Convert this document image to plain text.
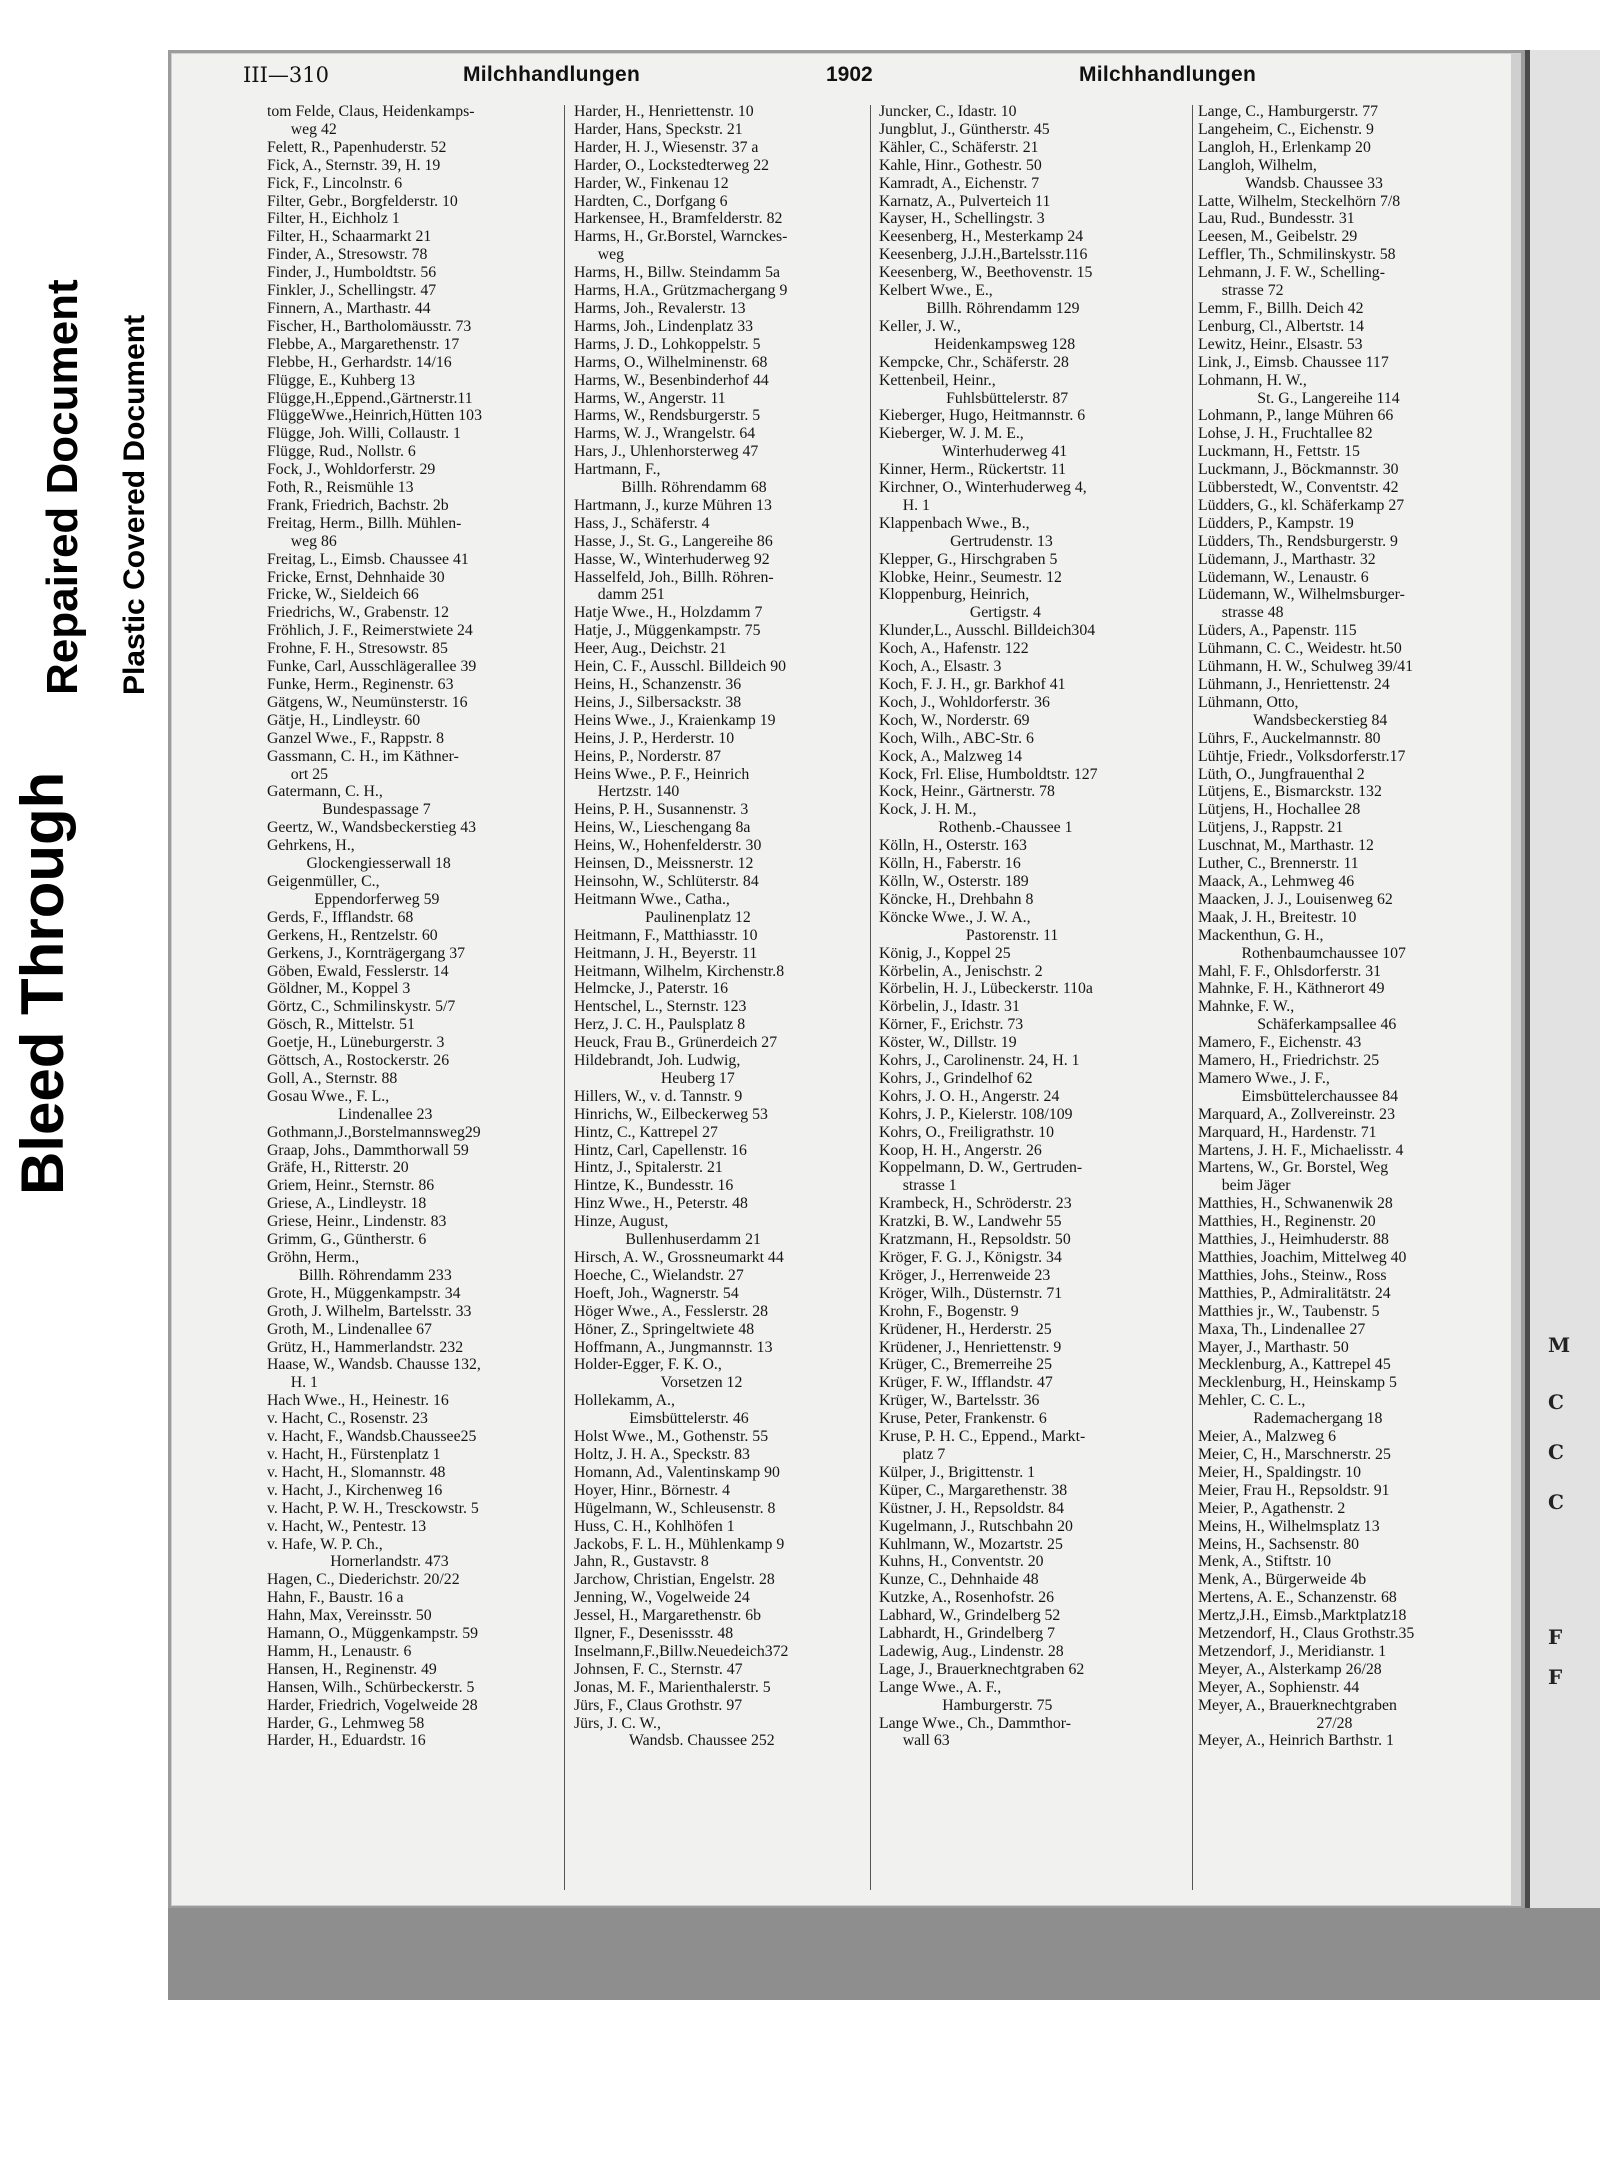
Bleed Through
Repaired Document Plastic Covered Document
III—310	Milchhandlungen	1902	Milchhandlungen
tom Felde, Claus, Heidenkamps-
weg 42
Felett, R., Papenhuderstr. 52
Fick, A., Sternstr. 39, H. 19
Fick, F., Lincolnstr. 6
Filter, Gebr., Borgfelderstr. 10
Filter, H., Eichholz 1
Filter, H., Schaarmarkt 21
Finder, A., Stresowstr. 78
Finder, J., Humboldtstr. 56
Finkler, J., Schellingstr. 47
Finnern, A., Marthastr. 44
Fischer, H., Bartholomäusstr. 73
Flebbe, A., Margarethenstr. 17
Flebbe, H., Gerhardstr. 14/16
Flügge, E., Kuhberg 13
Flügge,H.,Eppend.,Gärtnerstr.11
FlüggeWwe.,Heinrich,Hütten 103
Flügge, Joh. Willi, Collaustr. 1
Flügge, Rud., Nollstr. 6
Fock, J., Wohldorferstr. 29
Foth, R., Reismühle 13
Frank, Friedrich, Bachstr. 2b
Freitag, Herm., Billh. Mühlen-
weg 86
Freitag, L., Eimsb. Chaussee 41
Fricke, Ernst, Dehnhaide 30
Fricke, W., Sieldeich 66
Friedrichs, W., Grabenstr. 12
Fröhlich, J. F., Reimerstwiete 24
Frohne, F. H., Stresowstr. 85
Funke, Carl, Ausschlägerallee 39
Funke, Herm., Reginenstr. 63
Gätgens, W., Neumünsterstr. 16
Gätje, H., Lindleystr. 60
Ganzel Wwe., F., Rappstr. 8
Gassmann, C. H., im Käthner-
ort 25
Gatermann, C. H.,
Bundespassage 7
Geertz, W., Wandsbeckerstieg 43
Gehrkens, H.,
Glockengiesserwall 18
Geigenmüller, C.,
Eppendorferweg 59
Gerds, F., Ifflandstr. 68
Gerkens, H., Rentzelstr. 60
Gerkens, J., Kornträgergang 37
Göben, Ewald, Fesslerstr. 14
Göldner, M., Koppel 3
Görtz, C., Schmilinskystr. 5/7
Gösch, R., Mittelstr. 51
Goetje, H., Lüneburgerstr. 3
Göttsch, A., Rostockerstr. 26
Goll, A., Sternstr. 88
Gosau Wwe., F. L.,
Lindenallee 23
Gothmann,J.,Borstelmannsweg29
Graap, Johs., Dammthorwall 59
Gräfe, H., Ritterstr. 20
Griem, Heinr., Sternstr. 86
Griese, A., Lindleystr. 18
Griese, Heinr., Lindenstr. 83
Grimm, G., Güntherstr. 6
Gröhn, Herm.,
Billh. Röhrendamm 233
Grote, H., Müggenkampstr. 34
Groth, J. Wilhelm, Bartelsstr. 33
Groth, M., Lindenallee 67
Grütz, H., Hammerlandstr. 232
Haase, W., Wandsb. Chausse 132,
H. 1
Hach Wwe., H., Heinestr. 16
v. Hacht, C., Rosenstr. 23
v. Hacht, F., Wandsb.Chaussee25
v. Hacht, H., Fürstenplatz 1
v. Hacht, H., Slomannstr. 48
v. Hacht, J., Kirchenweg 16
v. Hacht, P. W. H., Tresckowstr. 5
v. Hacht, W., Pentestr. 13
v. Hafe, W. P. Ch.,
Hornerlandstr. 473
Hagen, C., Diederichstr. 20/22
Hahn, F., Baustr. 16 a
Hahn, Max, Vereinsstr. 50
Hamann, O., Müggenkampstr. 59
Hamm, H., Lenaustr. 6
Hansen, H., Reginenstr. 49
Hansen, Wilh., Schürbeckerstr. 5
Harder, Friedrich, Vogelweide 28
Harder, G., Lehmweg 58
Harder, H., Eduardstr. 16
Harder, H., Henriettenstr. 10
Harder, Hans, Speckstr. 21
Harder, H. J., Wiesenstr. 37 a
Harder, O., Lockstedterweg 22
Harder, W., Finkenau 12
Hardten, C., Dorfgang 6
Harkensee, H., Bramfelderstr. 82
Harms, H., Gr.Borstel, Warnckes-
weg
Harms, H., Billw. Steindamm 5a
Harms, H.A., Grützmachergang 9
Harms, Joh., Revalerstr. 13
Harms, Joh., Lindenplatz 33
Harms, J. D., Lohkoppelstr. 5
Harms, O., Wilhelminenstr. 68
Harms, W., Besenbinderhof 44
Harms, W., Angerstr. 11
Harms, W., Rendsburgerstr. 5
Harms, W. J., Wrangelstr. 64
Hars, J., Uhlenhorsterweg 47
Hartmann, F.,
Billh. Röhrendamm 68
Hartmann, J., kurze Mühren 13
Hass, J., Schäferstr. 4
Hasse, J., St. G., Langereihe 86
Hasse, W., Winterhuderweg 92
Hasselfeld, Joh., Billh. Röhren-
damm 251
Hatje Wwe., H., Holzdamm 7
Hatje, J., Müggenkampstr. 75
Heer, Aug., Deichstr. 21
Hein, C. F., Ausschl. Billdeich 90
Heins, H., Schanzenstr. 36
Heins, J., Silbersackstr. 38
Heins Wwe., J., Kraienkamp 19
Heins, J. P., Herderstr. 10
Heins, P., Norderstr. 87
Heins Wwe., P. F., Heinrich
Hertzstr. 140
Heins, P. H., Susannenstr. 3
Heins, W., Lieschengang 8a
Heins, W., Hohenfelderstr. 30
Heinsen, D., Meissnerstr. 12
Heinsohn, W., Schlüterstr. 84
Heitmann Wwe., Catha.,
Paulinenplatz 12
Heitmann, F., Matthiasstr. 10
Heitmann, J. H., Beyerstr. 11
Heitmann, Wilhelm, Kirchenstr.8
Helmcke, J., Paterstr. 16
Hentschel, L., Sternstr. 123
Herz, J. C. H., Paulsplatz 8
Heuck, Frau B., Grünerdeich 27
Hildebrandt, Joh. Ludwig,
Heuberg 17
Hillers, W., v. d. Tannstr. 9
Hinrichs, W., Eilbeckerweg 53
Hintz, C., Kattrepel 27
Hintz, Carl, Capellenstr. 16
Hintz, J., Spitalerstr. 21
Hintze, K., Bundesstr. 16
Hinz Wwe., H., Peterstr. 48
Hinze, August,
Bullenhuserdamm 21
Hirsch, A. W., Grossneumarkt 44
Hoeche, C., Wielandstr. 27
Hoeft, Joh., Wagnerstr. 54
Höger Wwe., A., Fesslerstr. 28
Höner, Z., Springeltwiete 48
Hoffmann, A., Jungmannstr. 13
Holder-Egger, F. K. O.,
Vorsetzen 12
Hollekamm, A.,
Eimsbüttelerstr. 46
Holst Wwe., M., Gothenstr. 55
Holtz, J. H. A., Speckstr. 83
Homann, Ad., Valentinskamp 90
Hoyer, Hinr., Börnestr. 4
Hügelmann, W., Schleusenstr. 8
Huss, C. H., Kohlhöfen 1
Jackobs, F. L. H., Mühlenkamp 9
Jahn, R., Gustavstr. 8
Jarchow, Christian, Engelstr. 28
Jenning, W., Vogelweide 24
Jessel, H., Margarethenstr. 6b
Ilgner, F., Desenissstr. 48
Inselmann,F.,Billw.Neuedeich372
Johnsen, F. C., Sternstr. 47
Jonas, M. F., Marienthalerstr. 5
Jürs, F., Claus Grothstr. 97
Jürs, J. C. W.,
Wandsb. Chaussee 252
Juncker, C., Idastr. 10
Jungblut, J., Güntherstr. 45
Kähler, C., Schäferstr. 21
Kahle, Hinr., Gothestr. 50
Kamradt, A., Eichenstr. 7
Karnatz, A., Pulverteich 11
Kayser, H., Schellingstr. 3
Keesenberg, H., Mesterkamp 24
Keesenberg, J.J.H.,Bartelsstr.116
Keesenberg, W., Beethovenstr. 15
Kelbert Wwe., E.,
Billh. Röhrendamm 129
Keller, J. W.,
Heidenkampsweg 128
Kempcke, Chr., Schäferstr. 28
Kettenbeil, Heinr.,
Fuhlsbüttelerstr. 87
Kieberger, Hugo, Heitmannstr. 6
Kieberger, W. J. M. E.,
Winterhuderweg 41
Kinner, Herm., Rückertstr. 11
Kirchner, O., Winterhuderweg 4,
H. 1
Klappenbach Wwe., B.,
Gertrudenstr. 13
Klepper, G., Hirschgraben 5
Klobke, Heinr., Seumestr. 12
Kloppenburg, Heinrich,
Gertigstr. 4
Klunder,L., Ausschl. Billdeich304
Koch, A., Hafenstr. 122
Koch, A., Elsastr. 3
Koch, F. J. H., gr. Barkhof 41
Koch, J., Wohldorferstr. 36
Koch, W., Norderstr. 69
Koch, Wilh., ABC-Str. 6
Kock, A., Malzweg 14
Kock, Frl. Elise, Humboldtstr. 127
Kock, Heinr., Gärtnerstr. 78
Kock, J. H. M.,
Rothenb.-Chaussee 1
Kölln, H., Osterstr. 163
Kölln, H., Faberstr. 16
Kölln, W., Osterstr. 189
Köncke, H., Drehbahn 8
Köncke Wwe., J. W. A.,
Pastorenstr. 11
König, J., Koppel 25
Körbelin, A., Jenischstr. 2
Körbelin, H. J., Lübeckerstr. 110a
Körbelin, J., Idastr. 31
Körner, F., Erichstr. 73
Köster, W., Dillstr. 19
Kohrs, J., Carolinenstr. 24, H. 1
Kohrs, J., Grindelhof 62
Kohrs, J. O. H., Angerstr. 24
Kohrs, J. P., Kielerstr. 108/109
Kohrs, O., Freiligrathstr. 10
Koop, H. H., Angerstr. 26
Koppelmann, D. W., Gertruden-
strasse 1
Krambeck, H., Schröderstr. 23
Kratzki, B. W., Landwehr 55
Kratzmann, H., Repsoldstr. 50
Kröger, F. G. J., Königstr. 34
Kröger, J., Herrenweide 23
Kröger, Wilh., Düsternstr. 71
Krohn, F., Bogenstr. 9
Krüdener, H., Herderstr. 25
Krüdener, J., Henriettenstr. 9
Krüger, C., Bremerreihe 25
Krüger, F. W., Ifflandstr. 47
Krüger, W., Bartelsstr. 36
Kruse, Peter, Frankenstr. 6
Kruse, P. H. C., Eppend., Markt-
platz 7
Külper, J., Brigittenstr. 1
Küper, C., Margarethenstr. 38
Küstner, J. H., Repsoldstr. 84
Kugelmann, J., Rutschbahn 20
Kuhlmann, W., Mozartstr. 25
Kuhns, H., Conventstr. 20
Kunze, C., Dehnhaide 48
Kutzke, A., Rosenhofstr. 26
Labhard, W., Grindelberg 52
Labhardt, H., Grindelberg 7
Ladewig, Aug., Lindenstr. 28
Lage, J., Brauerknechtgraben 62
Lange Wwe., A. F.,
Hamburgerstr. 75
Lange Wwe., Ch., Dammthor-
wall 63
Lange, C., Hamburgerstr. 77
Langeheim, C., Eichenstr. 9
Langloh, H., Erlenkamp 20
Langloh, Wilhelm,
Wandsb. Chaussee 33
Latte, Wilhelm, Steckelhörn 7/8
Lau, Rud., Bundesstr. 31
Leesen, M., Geibelstr. 29
Leffler, Th., Schmilinskystr. 58
Lehmann, J. F. W., Schelling-
strasse 72
Lemm, F., Billh. Deich 42
Lenburg, Cl., Albertstr. 14
Lewitz, Heinr., Elsastr. 53
Link, J., Eimsb. Chaussee 117
Lohmann, H. W.,
St. G., Langereihe 114
Lohmann, P., lange Mühren 66
Lohse, J. H., Fruchtallee 82
Luckmann, H., Fettstr. 15
Luckmann, J., Böckmannstr. 30
Lübberstedt, W., Conventstr. 42
Lüdders, G., kl. Schäferkamp 27
Lüdders, P., Kampstr. 19
Lüdders, Th., Rendsburgerstr. 9
Lüdemann, J., Marthastr. 32
Lüdemann, W., Lenaustr. 6
Lüdemann, W., Wilhelmsburger-
strasse 48
Lüders, A., Papenstr. 115
Lühmann, C. C., Weidestr. ht.50
Lühmann, H. W., Schulweg 39/41
Lühmann, J., Henriettenstr. 24
Lühmann, Otto,
Wandsbeckerstieg 84
Lührs, F., Auckelmannstr. 80
Lühtje, Friedr., Volksdorferstr.17
Lüth, O., Jungfrauenthal 2
Lütjens, E., Bismarckstr. 132
Lütjens, H., Hochallee 28
Lütjens, J., Rappstr. 21
Luschnat, M., Marthastr. 12
Luther, C., Brennerstr. 11
Maack, A., Lehmweg 46
Maacken, J. J., Louisenweg 62
Maak, J. H., Breitestr. 10
Mackenthun, G. H.,
Rothenbaumchaussee 107
Mahl, F. F., Ohlsdorferstr. 31
Mahnke, F. H., Käthnerort 49
Mahnke, F. W.,
Schäferkampsallee 46
Mamero, F., Eichenstr. 43
Mamero, H., Friedrichstr. 25
Mamero Wwe., J. F.,
Eimsbüttelerchaussee 84
Marquard, A., Zollvereinstr. 23
Marquard, H., Hardenstr. 71
Martens, J. H. F., Michaelisstr. 4
Martens, W., Gr. Borstel, Weg
beim Jäger
Matthies, H., Schwanenwik 28
Matthies, H., Reginenstr. 20
Matthies, J., Heimhuderstr. 88
Matthies, Joachim, Mittelweg 40
Matthies, Johs., Steinw., Ross
Matthies, P., Admiralitätstr. 24
Matthies jr., W., Taubenstr. 5
Maxa, Th., Lindenallee 27
Mayer, J., Marthastr. 50
Mecklenburg, A., Kattrepel 45
Mecklenburg, H., Heinskamp 5
Mehler, C. C. L.,
Rademachergang 18
Meier, A., Malzweg 6
Meier, C, H., Marschnerstr. 25
Meier, H., Spaldingstr. 10
Meier, Frau H., Repsoldstr. 91
Meier, P., Agathenstr. 2
Meins, H., Wilhelmsplatz 13
Meins, H., Sachsenstr. 80
Menk, A., Stiftstr. 10
Menk, A., Bürgerweide 4b
Mertens, A. E., Schanzenstr. 68
Mertz,J.H., Eimsb.,Marktplatz18
Metzendorf, H., Claus Grothstr.35
Metzendorf, J., Meridianstr. 1
Meyer, A., Alsterkamp 26/28
Meyer, A., Sophienstr. 44
Meyer, A., Brauerknechtgraben
27/28
Meyer, A., Heinrich Barthstr. 1
M
C
C
C
F
F
